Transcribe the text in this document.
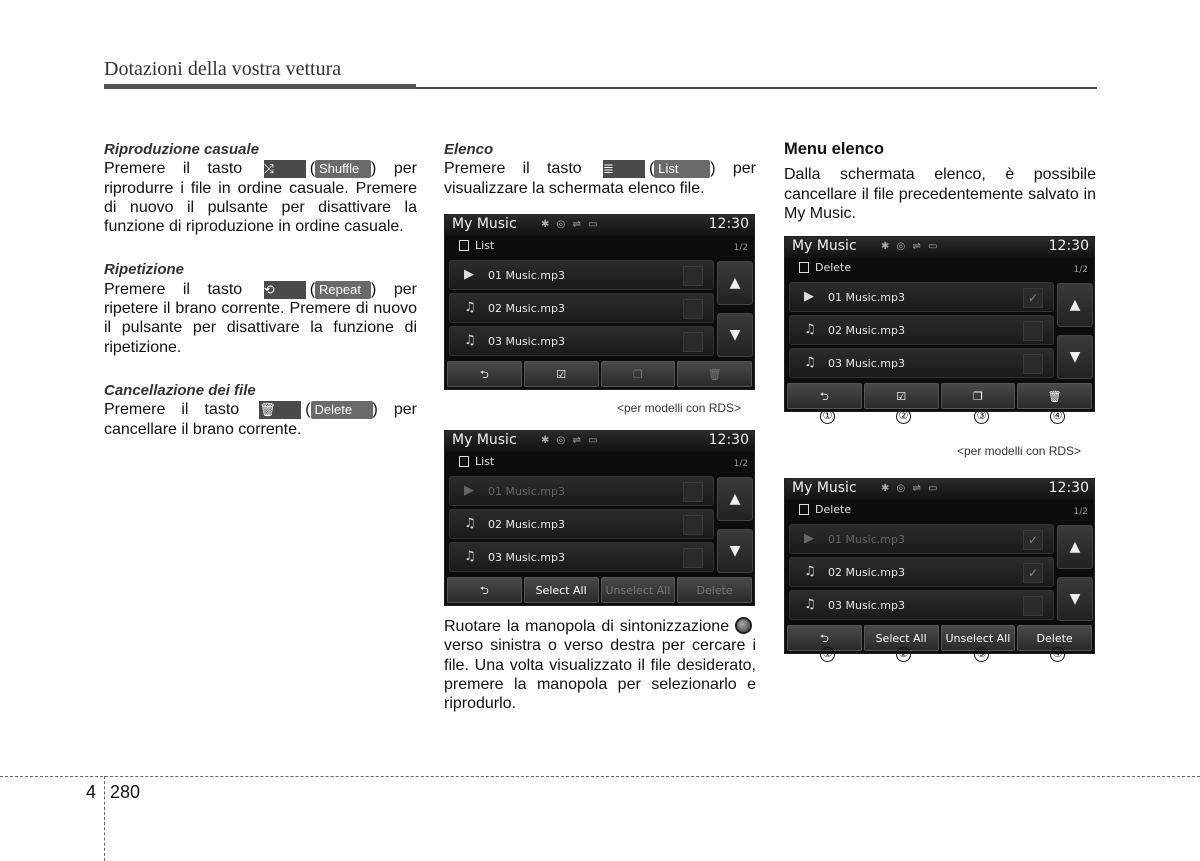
Dotazioni della vostra vettura
Riproduzione casuale

Premere il tasto ⤨ ( Shuffle ) per riprodurre i file in ordine casuale. Premere di nuovo il pulsante per disattivare la funzione di riproduzione in ordine casuale.

Ripetizione

Premere il tasto ⟲ ( Repeat ) per ripetere il brano corrente. Premere di nuovo il pulsante per disattivare la funzione di ripetizione.

Cancellazione dei file

Premere il tasto 🗑 ( Delete ) per cancellare il brano corrente.

Elenco

Premere il tasto ≣ ( List ) per visualizzare la schermata elenco file.

My Music ✱ ◎ ⇌ ▭	12:30
List	1/2
▶ 01 Music.mp3
♫ 02 Music.mp3
♫ 03 Music.mp3
▲
▼
⮌	☑	❐	🗑
<per modelli con RDS>
My Music ✱ ◎ ⇌ ▭	12:30
List	1/2
▶ 01 Music.mp3
♫ 02 Music.mp3
♫ 03 Music.mp3
▲
▼
⮌	Select All	Unselect All	Delete

Ruotare la manopola di sintonizzazione verso sinistra o verso destra per cercare i file. Una volta visualizzato il file desiderato, premere la manopola per selezionarlo e riprodurlo.

Menu elenco

Dalla schermata elenco, è possibile cancellare il file precedentemente salvato in My Music.

My Music ✱ ◎ ⇌ ▭	12:30
Delete	1/2
▶ 01 Music.mp3	✓
♫ 02 Music.mp3
♫ 03 Music.mp3
▲
▼
⮌	☑	❐	🗑
①	②	③	④
<per modelli con RDS>
My Music ✱ ◎ ⇌ ▭	12:30
Delete	1/2
▶ 01 Music.mp3	✓
♫ 02 Music.mp3	✓
♫ 03 Music.mp3
▲
▼
⮌	Select All	Unselect All	Delete
①	②	③	④
4 280
